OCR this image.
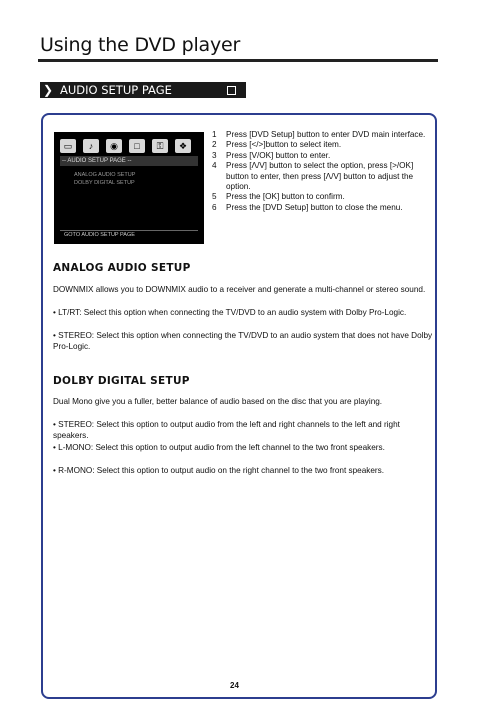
Using the DVD player
❯ AUDIO SETUP PAGE
▭	♪	◉	□	⚿	❖
-- AUDIO SETUP PAGE --
ANALOG AUDIO SETUP
DOLBY DIGITAL SETUP
GOTO AUDIO SETUP PAGE
1 Press [DVD Setup] button to enter DVD main interface.
2 Press [</>]button to select item.
3 Press [V/OK] button to enter.
4 Press [Λ/V] button to select the option, press [>/OK] button to enter, then press [Λ/V] button to adjust the option.
5 Press the [OK] button to confirm.
6 Press the [DVD Setup] button to close the menu.
ANALOG AUDIO SETUP

DOWNMIX allows you to DOWNMIX audio to a receiver and generate a multi-channel or stereo sound.

• LT/RT: Select this option when connecting the TV/DVD to an audio system with Dolby Pro-Logic.

• STEREO: Select this option when connecting the TV/DVD to an audio system that does not have Dolby Pro-Logic.

DOLBY DIGITAL SETUP

Dual Mono give you a fuller, better balance of audio based on the disc that you are playing.

• STEREO: Select this option to output audio from the left and right channels to the left and right speakers.

• L-MONO: Select this option to output audio from the left channel to the two front speakers.

• R-MONO: Select this option to output audio on the right channel to the two front speakers.

24
